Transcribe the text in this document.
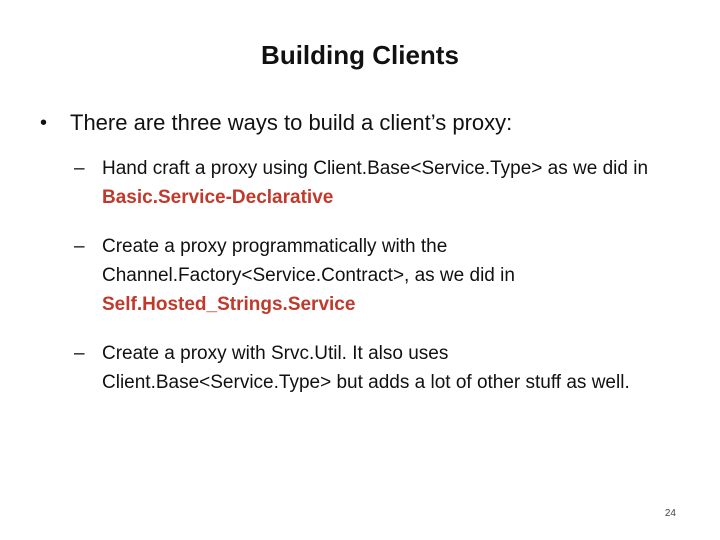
Building Clients
•	There are three ways to build a client’s proxy:
– Hand craft a proxy using Client.Base<Service.Type> as we did in Basic.Service-Declarative
– Create a proxy programmatically with the Channel.Factory<Service.Contract>, as we did in Self.Hosted_Strings.Service
– Create a proxy with Srvc.Util. It also uses Client.Base<Service.Type> but adds a lot of other stuff as well.
24
